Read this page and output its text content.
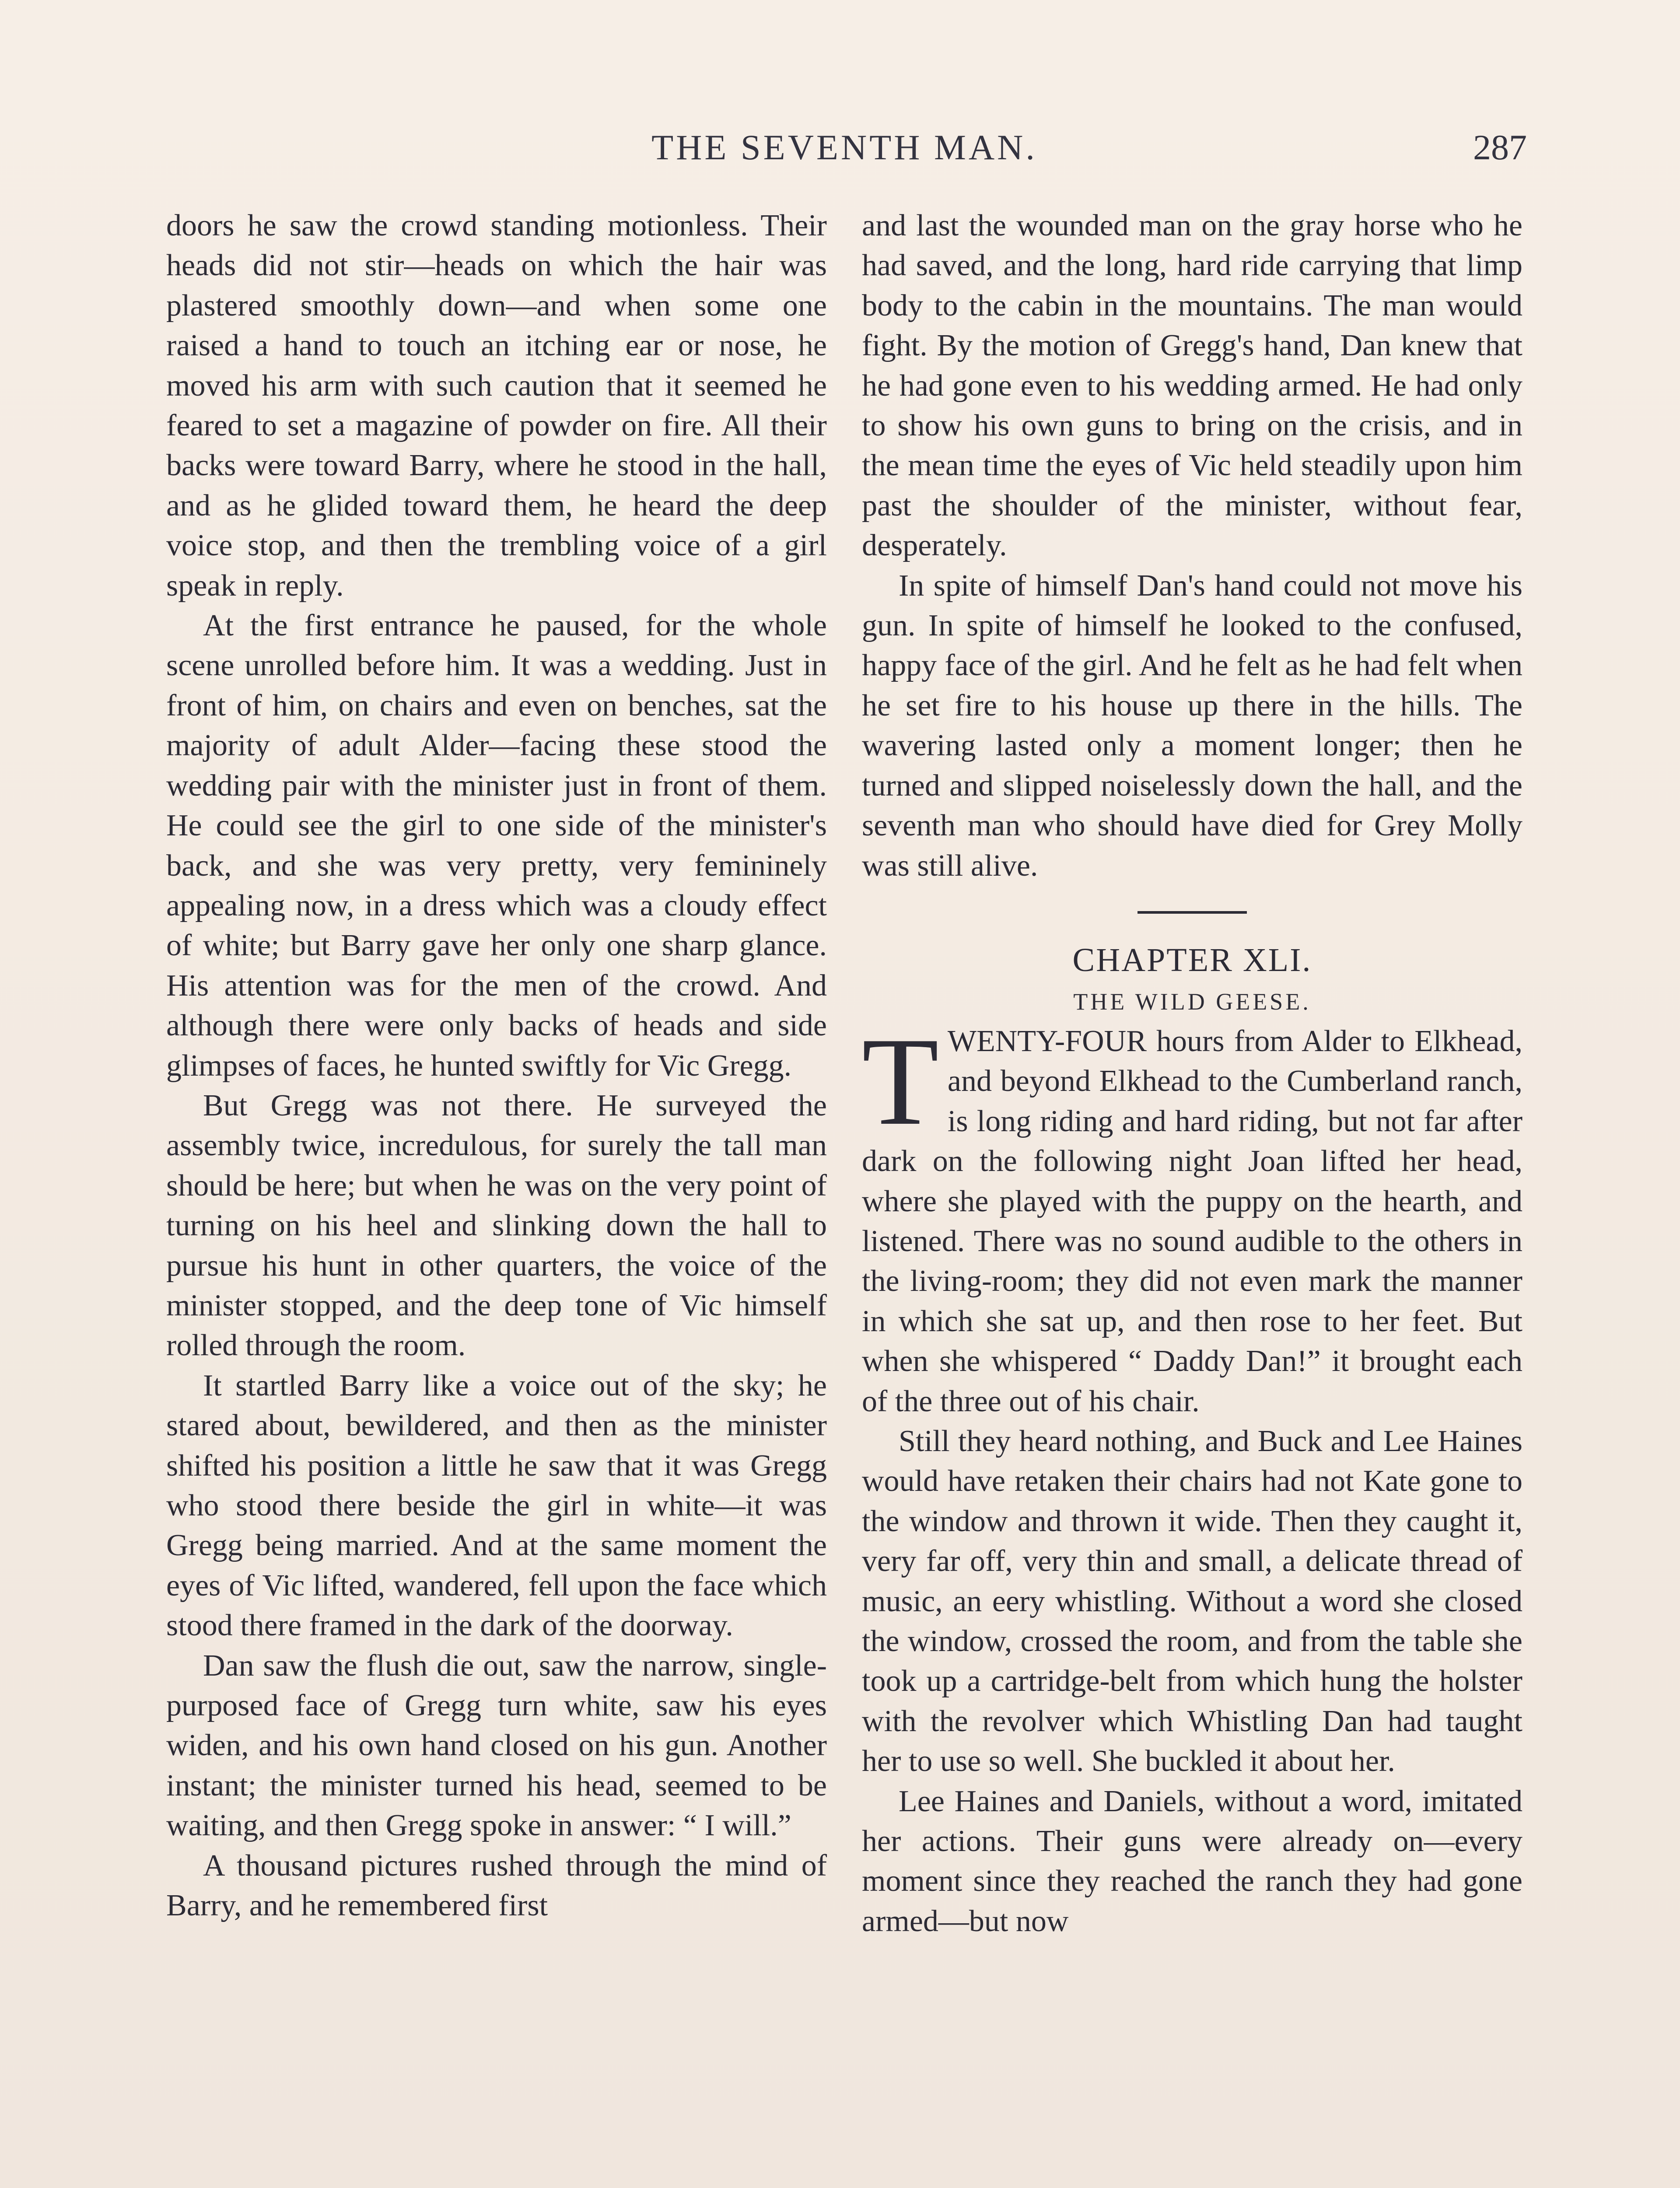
THE SEVENTH MAN.	287

doors he saw the crowd standing motionless. Their heads did not stir—heads on which the hair was plastered smoothly down—and when some one raised a hand to touch an itching ear or nose, he moved his arm with such caution that it seemed he feared to set a magazine of powder on fire. All their backs were toward Barry, where he stood in the hall, and as he glided toward them, he heard the deep voice stop, and then the trembling voice of a girl speak in reply.

At the first entrance he paused, for the whole scene unrolled before him. It was a wedding. Just in front of him, on chairs and even on benches, sat the majority of adult Alder—facing these stood the wedding pair with the minister just in front of them. He could see the girl to one side of the minister's back, and she was very pretty, very femininely appealing now, in a dress which was a cloudy effect of white; but Barry gave her only one sharp glance. His attention was for the men of the crowd. And although there were only backs of heads and side glimpses of faces, he hunted swiftly for Vic Gregg.

But Gregg was not there. He surveyed the assembly twice, incredulous, for surely the tall man should be here; but when he was on the very point of turning on his heel and slinking down the hall to pursue his hunt in other quarters, the voice of the minister stopped, and the deep tone of Vic himself rolled through the room.

It startled Barry like a voice out of the sky; he stared about, bewildered, and then as the minister shifted his position a little he saw that it was Gregg who stood there beside the girl in white—it was Gregg being married. And at the same moment the eyes of Vic lifted, wandered, fell upon the face which stood there framed in the dark of the doorway.

Dan saw the flush die out, saw the narrow, single-purposed face of Gregg turn white, saw his eyes widen, and his own hand closed on his gun. Another instant; the minister turned his head, seemed to be waiting, and then Gregg spoke in answer: “ I will.”

A thousand pictures rushed through the mind of Barry, and he remembered first

and last the wounded man on the gray horse who he had saved, and the long, hard ride carrying that limp body to the cabin in the mountains. The man would fight. By the motion of Gregg's hand, Dan knew that he had gone even to his wedding armed. He had only to show his own guns to bring on the crisis, and in the mean time the eyes of Vic held steadily upon him past the shoulder of the minister, without fear, desperately.

In spite of himself Dan's hand could not move his gun. In spite of himself he looked to the confused, happy face of the girl. And he felt as he had felt when he set fire to his house up there in the hills. The wavering lasted only a moment longer; then he turned and slipped noiselessly down the hall, and the seventh man who should have died for Grey Molly was still alive.

CHAPTER XLI.

THE WILD GEESE.

TWENTY-FOUR hours from Alder to Elkhead, and beyond Elkhead to the Cumberland ranch, is long riding and hard riding, but not far after dark on the following night Joan lifted her head, where she played with the puppy on the hearth, and listened. There was no sound audible to the others in the living-room; they did not even mark the manner in which she sat up, and then rose to her feet. But when she whispered “ Daddy Dan!” it brought each of the three out of his chair.

Still they heard nothing, and Buck and Lee Haines would have retaken their chairs had not Kate gone to the window and thrown it wide. Then they caught it, very far off, very thin and small, a delicate thread of music, an eery whistling. Without a word she closed the window, crossed the room, and from the table she took up a cartridge-belt from which hung the holster with the revolver which Whistling Dan had taught her to use so well. She buckled it about her.

Lee Haines and Daniels, without a word, imitated her actions. Their guns were already on—every moment since they reached the ranch they had gone armed—but now
